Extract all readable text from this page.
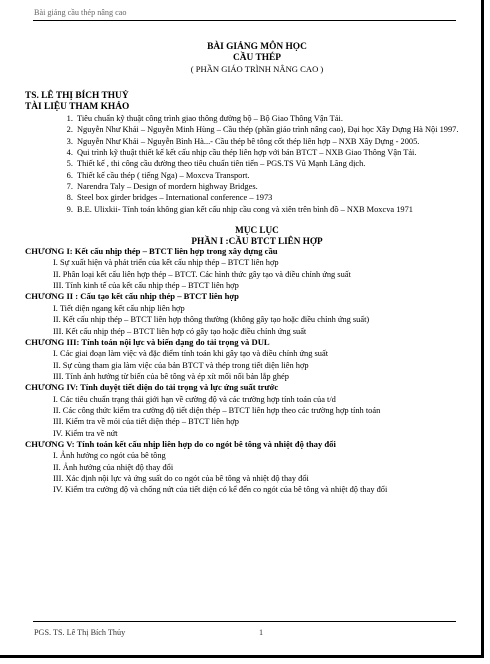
Bài giảng cầu thép nâng cao
BÀI GIẢNG MÔN HỌC
CẦU THÉP
( PHẦN GIÁO TRÌNH NÂNG CAO )
TS. LÊ THỊ BÍCH THUỶ
TÀI LIỆU THAM KHẢO
1. Tiêu chuẩn kỹ thuật công trình giao thông đường bộ – Bộ Giao Thông Vận Tải.
2. Nguyễn Như Khải – Nguyễn Minh Hùng – Cầu thép (phần giáo trình nâng cao), Đại học Xây Dựng Hà Nội 1997.
3. Nguyễn Như Khải – Nguyễn Bình Hà...- Cầu thép bê tông cốt thép liên hợp – NXB Xây Dựng - 2005.
4. Qui trình kỹ thuật thiết kế kết cấu nhịp cầu thép liên hợp với bản BTCT – NXB Giao Thông Vận Tải.
5. Thiết kế , thi công cầu đường theo tiêu chuẩn tiên tiến – PGS.TS Vũ Mạnh Lãng dịch.
6. Thiết kế cầu thép ( tiếng Nga) – Moxcva Transport.
7. Narendra Taly – Design of mordern highway Bridges.
8. Steel box girder bridges – International conference – 1973
9. B.E. Ulixkii- Tính toán không gian kết cấu nhịp cầu cong và xiên trên bình đồ – NXB Moxcva 1971
MỤC LỤC
PHẦN I :CẦU BTCT LIÊN HỢP
CHƯƠNG I: Kết cấu nhịp thép – BTCT liên hợp trong xây dựng cầu
I. Sự xuất hiện và phát triển của kết cấu nhịp thép – BTCT liên hợp
II. Phân loại kết cấu liên hợp thép – BTCT. Các hình thức gây tạo và điều chỉnh ứng suất
III. Tính kinh tế của kết cấu nhịp thép – BTCT liên hợp
CHƯƠNG II : Cấu tạo kết cấu nhịp thép – BTCT liên hợp
I. Tiết diện ngang kết cấu nhịp liên hợp
II. Kết cấu nhịp thép – BTCT liên hợp thông thường (không gây tạo hoặc điều chỉnh ứng suất)
III. Kết cấu nhịp thép – BTCT liên hợp có gây tạo hoặc điều chỉnh ứng suất
CHƯƠNG III: Tính toán nội lực và biến dạng do tải trọng và DUL
I. Các giai đoạn làm việc và đặc điểm tính toán khi gây tạo và điều chỉnh ứng suất
II. Sự cùng tham gia làm việc của bản BTCT và thép trong tiết diện liên hợp
III. Tính ảnh hưởng từ biến của bê tông và ép xít mối nối bản lắp ghép
CHƯƠNG IV: Tính duyệt tiết diện do tải trọng và lực ứng suất trước
I. Các tiêu chuẩn trạng thái giới hạn về cường độ và các trường hợp tính toán của t/d
II. Các công thức kiểm tra cường độ tiết diện thép – BTCT liên hợp theo các trường hợp tính toán
III. Kiểm tra về mỏi của tiết diện thép – BTCT liên hợp
IV. Kiểm tra về nứt
CHƯƠNG V: Tính toán kết cấu nhịp liên hợp do co ngót bê tông và nhiệt độ thay đổi
I. Ảnh hưởng co ngót của bê tông
II. Ảnh hưởng của nhiệt độ thay đổi
III. Xác định nội lực và ứng suất do co ngót của bê tông và nhiệt độ thay đổi
IV. Kiểm tra cường độ và chống nứt của tiết diện có kể đến co ngót của bê tông và nhiệt độ thay đổi
PGS. TS. Lê Thị Bích Thủy	1
